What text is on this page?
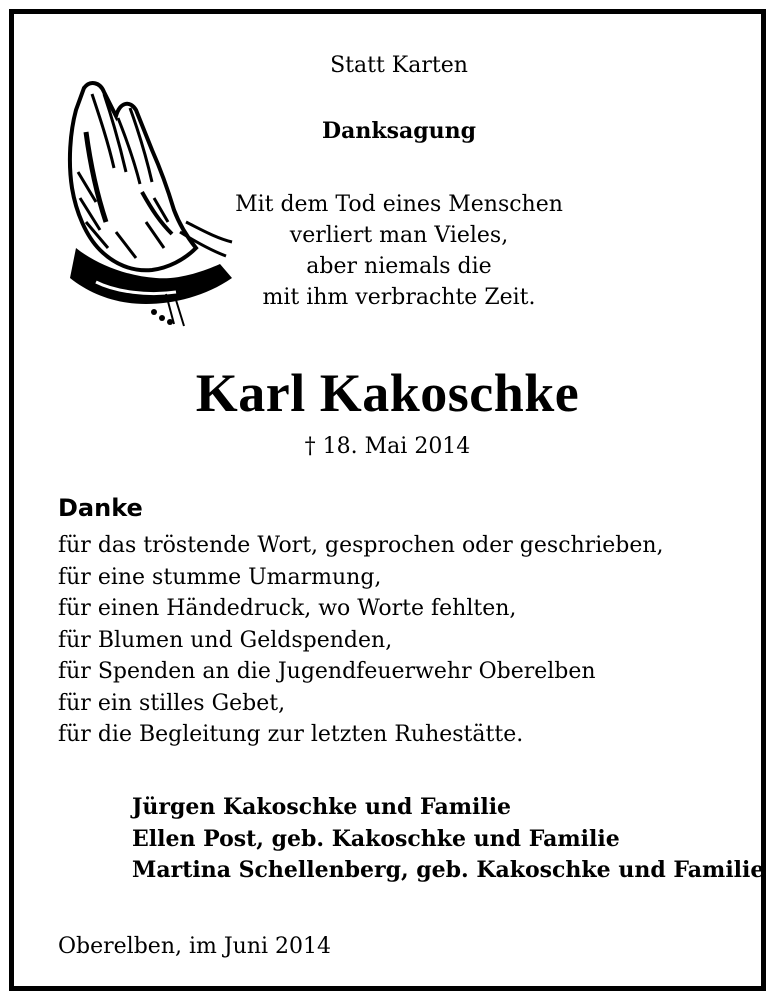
Statt Karten
Danksagung
Mit dem Tod eines Menschen
verliert man Vieles,
aber niemals die
mit ihm verbrachte Zeit.
Karl Kakoschke
† 18. Mai 2014
Danke
für das tröstende Wort, gesprochen oder geschrieben,
für eine stumme Umarmung,
für einen Händedruck, wo Worte fehlten,
für Blumen und Geldspenden,
für Spenden an die Jugendfeuerwehr Oberelben
für ein stilles Gebet,
für die Begleitung zur letzten Ruhestätte.
Jürgen Kakoschke und Familie
Ellen Post, geb. Kakoschke und Familie
Martina Schellenberg, geb. Kakoschke und Familie
Oberelben, im Juni 2014
